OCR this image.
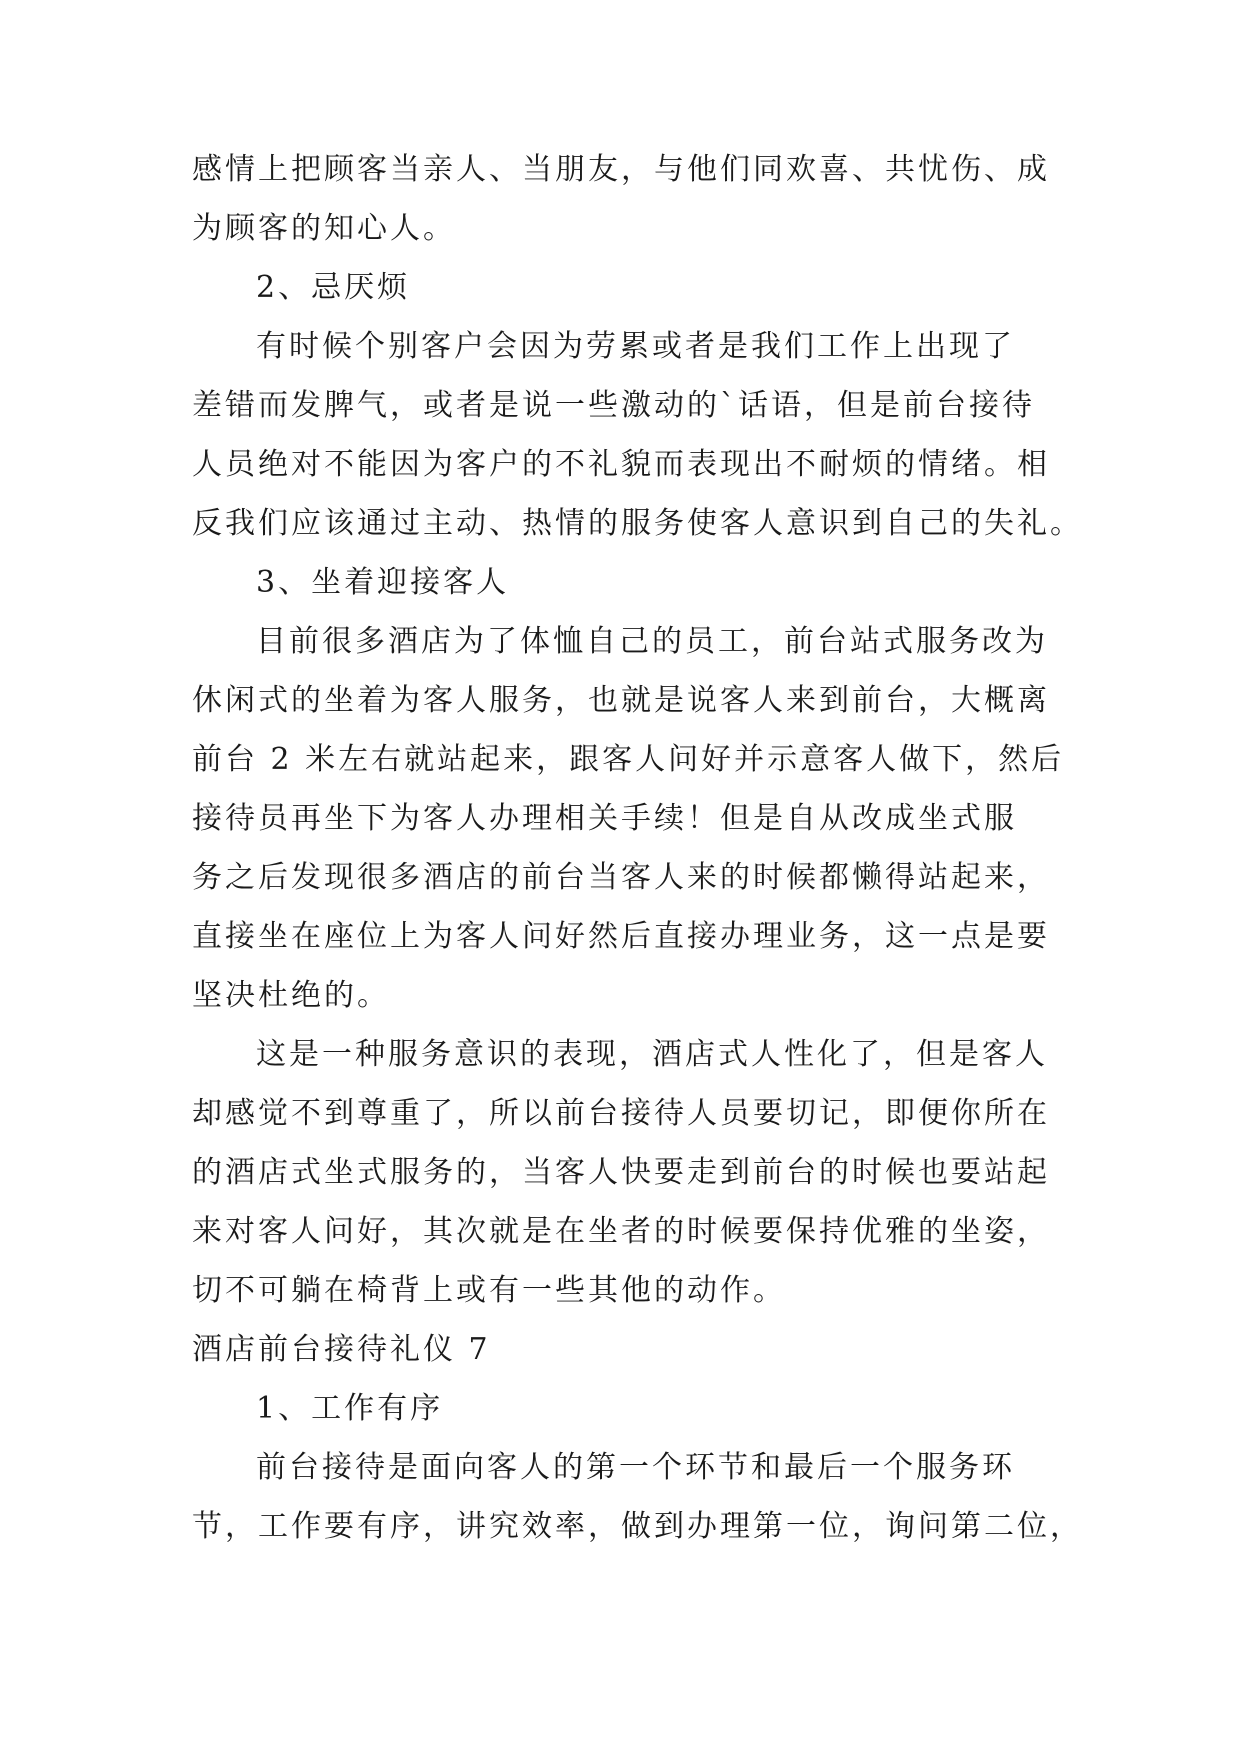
感情上把顾客当亲人、当朋友，与他们同欢喜、共忧伤、成
为顾客的知心人。
2、忌厌烦
有时候个别客户会因为劳累或者是我们工作上出现了
差错而发脾气，或者是说一些激动的`话语，但是前台接待
人员绝对不能因为客户的不礼貌而表现出不耐烦的情绪。相
反我们应该通过主动、热情的服务使客人意识到自己的失礼。
3、坐着迎接客人
目前很多酒店为了体恤自己的员工，前台站式服务改为
休闲式的坐着为客人服务，也就是说客人来到前台，大概离
前台 2 米左右就站起来，跟客人问好并示意客人做下，然后
接待员再坐下为客人办理相关手续！但是自从改成坐式服
务之后发现很多酒店的前台当客人来的时候都懒得站起来，
直接坐在座位上为客人问好然后直接办理业务，这一点是要
坚决杜绝的。
这是一种服务意识的表现，酒店式人性化了，但是客人
却感觉不到尊重了，所以前台接待人员要切记，即便你所在
的酒店式坐式服务的，当客人快要走到前台的时候也要站起
来对客人问好，其次就是在坐者的时候要保持优雅的坐姿，
切不可躺在椅背上或有一些其他的动作。
酒店前台接待礼仪 7
1、工作有序
前台接待是面向客人的第一个环节和最后一个服务环
节，工作要有序，讲究效率，做到办理第一位，询问第二位，
